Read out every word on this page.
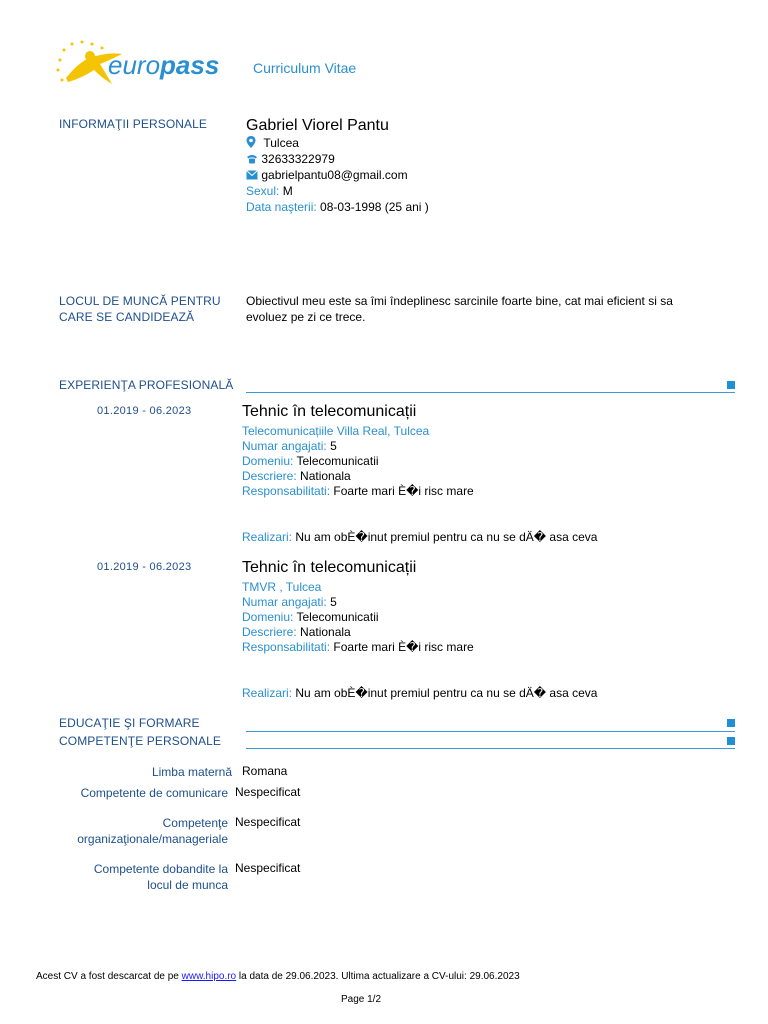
europass Curriculum Vitae
INFORMAŢII PERSONALE Gabriel Viorel Pantu
Tulcea
32633322979
gabrielpantu08@gmail.com
Sexul: M
Data naşterii: 08-03-1998 (25 ani )
LOCUL DE MUNCĂ PENTRU
CARE SE CANDIDEAZĂ
Obiectivul meu este sa îmi îndeplinesc sarcinile foarte bine, cat mai eficient si sa
evoluez pe zi ce trece.
EXPERIENŢA PROFESIONALĂ
01.2019 - 06.2023	Tehnic în telecomunicații
Telecomunicațiile Villa Real, Tulcea
Numar angajati: 5
Domeniu: Telecomunicatii
Descriere: Nationala
Responsabilitati: Foarte mari È�i risc mare
Realizari: Nu am obÈ�inut premiul pentru ca nu se dÄ� asa ceva
01.2019 - 06.2023	Tehnic în telecomunicații
TMVR , Tulcea
Numar angajati: 5
Domeniu: Telecomunicatii
Descriere: Nationala
Responsabilitati: Foarte mari È�i risc mare
Realizari: Nu am obÈ�inut premiul pentru ca nu se dÄ� asa ceva
EDUCAŢIE ŞI FORMARE
COMPETENŢE PERSONALE
Limba maternă Romana
Competente de comunicare Nespecificat
Competenţe
organizaţionale/manageriale
Nespecificat
Competente dobandite la
locul de munca
Nespecificat
Acest CV a fost descarcat de pe www.hipo.ro la data de 29.06.2023. Ultima actualizare a CV-ului: 29.06.2023
Page 1/2
